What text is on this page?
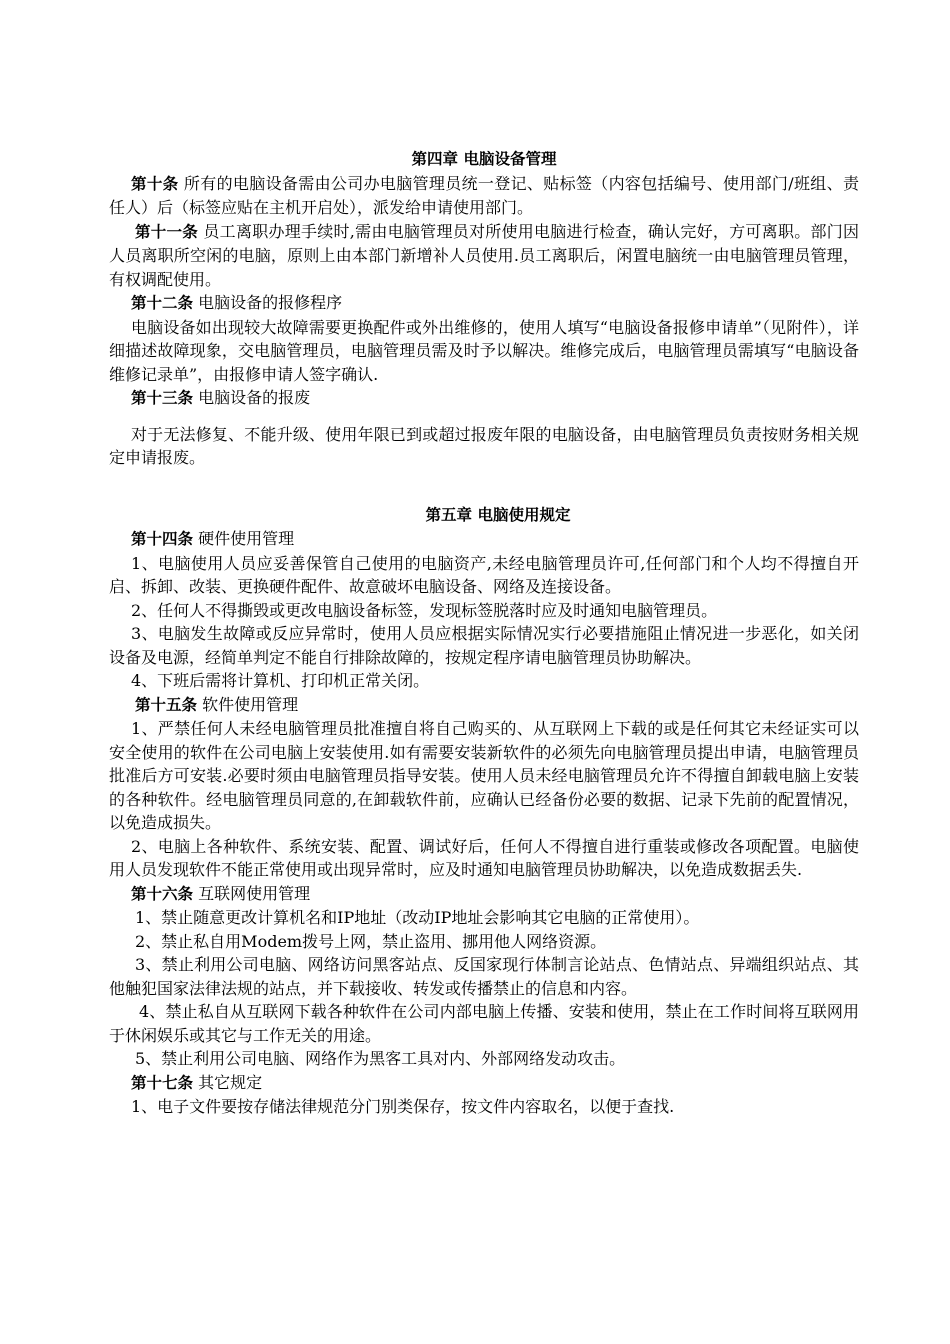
第四章 电脑设备管理

第十条 所有的电脑设备需由公司办电脑管理员统一登记、贴标签（内容包括编号、使用部门/班组、责任人）后（标签应贴在主机开启处），派发给申请使用部门。

第十一条 员工离职办理手续时,需由电脑管理员对所使用电脑进行检查，确认完好，方可离职。部门因人员离职所空闲的电脑，原则上由本部门新增补人员使用.员工离职后，闲置电脑统一由电脑管理员管理，有权调配使用。

第十二条 电脑设备的报修程序

电脑设备如出现较大故障需要更换配件或外出维修的，使用人填写“电脑设备报修申请单”（见附件），详细描述故障现象，交电脑管理员，电脑管理员需及时予以解决。维修完成后，电脑管理员需填写“电脑设备维修记录单”，由报修申请人签字确认.

第十三条 电脑设备的报废

对于无法修复、不能升级、使用年限已到或超过报废年限的电脑设备，由电脑管理员负责按财务相关规定申请报废。

第五章 电脑使用规定

第十四条 硬件使用管理

1、电脑使用人员应妥善保管自己使用的电脑资产,未经电脑管理员许可,任何部门和个人均不得擅自开启、拆卸、改装、更换硬件配件、故意破坏电脑设备、网络及连接设备。

2、任何人不得撕毁或更改电脑设备标签，发现标签脱落时应及时通知电脑管理员。

3、电脑发生故障或反应异常时，使用人员应根据实际情况实行必要措施阻止情况进一步恶化，如关闭设备及电源，经简单判定不能自行排除故障的，按规定程序请电脑管理员协助解决。

4、下班后需将计算机、打印机正常关闭。

第十五条 软件使用管理

1、严禁任何人未经电脑管理员批准擅自将自己购买的、从互联网上下载的或是任何其它未经证实可以安全使用的软件在公司电脑上安装使用.如有需要安装新软件的必须先向电脑管理员提出申请，电脑管理员批准后方可安装.必要时须由电脑管理员指导安装。使用人员未经电脑管理员允许不得擅自卸载电脑上安装的各种软件。经电脑管理员同意的,在卸载软件前，应确认已经备份必要的数据、记录下先前的配置情况，以免造成损失。

2、电脑上各种软件、系统安装、配置、调试好后，任何人不得擅自进行重装或修改各项配置。电脑使用人员发现软件不能正常使用或出现异常时，应及时通知电脑管理员协助解决，以免造成数据丢失.

第十六条 互联网使用管理

1、禁止随意更改计算机名和IP地址（改动IP地址会影响其它电脑的正常使用）。

2、禁止私自用Modem拨号上网，禁止盗用、挪用他人网络资源。

3、禁止利用公司电脑、网络访问黑客站点、反国家现行体制言论站点、色情站点、异端组织站点、其他触犯国家法律法规的站点，并下载接收、转发或传播禁止的信息和内容。

4、禁止私自从互联网下载各种软件在公司内部电脑上传播、安装和使用，禁止在工作时间将互联网用于休闲娱乐或其它与工作无关的用途。

5、禁止利用公司电脑、网络作为黑客工具对内、外部网络发动攻击。

第十七条 其它规定

1、电子文件要按存储法律规范分门别类保存，按文件内容取名，以便于查找.
